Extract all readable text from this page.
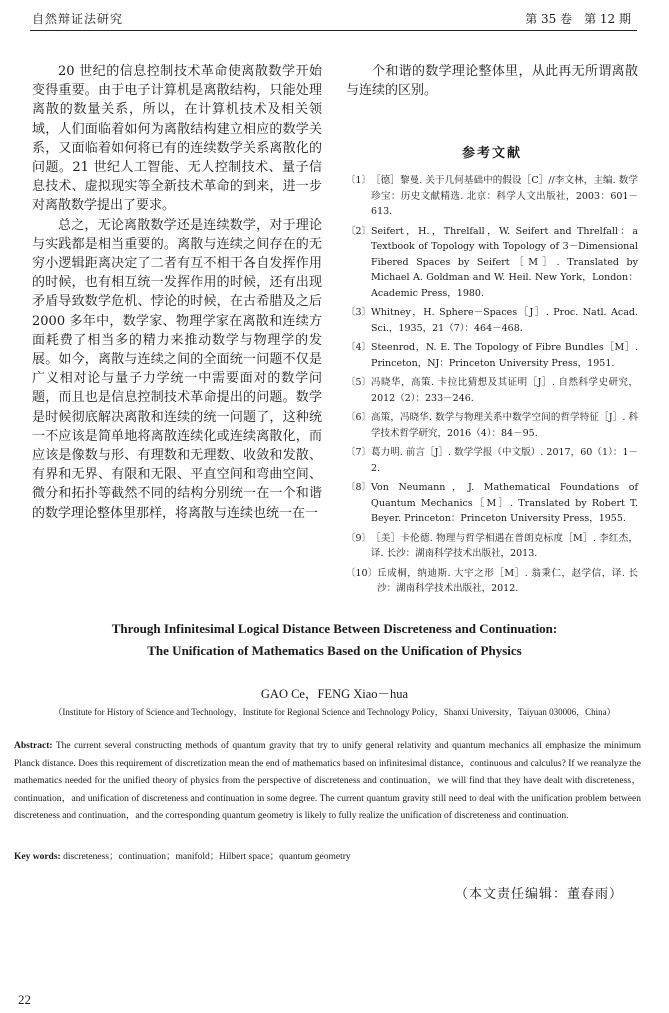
自然辩证法研究	第 35 卷　第 12 期

20 世纪的信息控制技术革命使离散数学开始变得重要。由于电子计算机是离散结构，只能处理离散的数量关系，所以，在计算机技术及相关领域，人们面临着如何为离散结构建立相应的数学关系，又面临着如何将已有的连续数学关系离散化的问题。21 世纪人工智能、无人控制技术、量子信息技术、虚拟现实等全新技术革命的到来，进一步对离散数学提出了要求。

总之，无论离散数学还是连续数学，对于理论与实践都是相当重要的。离散与连续之间存在的无穷小逻辑距离决定了二者有互不相干各自发挥作用的时候，也有相互统一发挥作用的时候，还有出现矛盾导致数学危机、悖论的时候，在古希腊及之后 2000 多年中，数学家、物理学家在离散和连续方面耗费了相当多的精力来推动数学与物理学的发展。如今，离散与连续之间的全面统一问题不仅是广义相对论与量子力学统一中需要面对的数学问题，而且也是信息控制技术革命提出的问题。数学是时候彻底解决离散和连续的统一问题了，这种统一不应该是简单地将离散连续化或连续离散化，而应该是像数与形、有理数和无理数、收敛和发散、有界和无界、有限和无限、平直空间和弯曲空间、微分和拓扑等截然不同的结构分别统一在一个和谐的数学理论整体里那样，将离散与连续也统一在一

个和谐的数学理论整体里，从此再无所谓离散与连续的区别。

参考文献
〔1〕 ［德］黎曼. 关于几何基础中的假设［C］//李文林，主编. 数学珍宝：历史文献精选. 北京：科学人文出版社，2003：601－613.
〔2〕 Seifert，H.，Threlfall，W. Seifert and Threlfall：a Textbook of Topology with Topology of 3－Dimensional Fibered Spaces by Seifert［M］. Translated by Michael A. Goldman and W. Heil. New York，London：Academic Press，1980.
〔3〕 Whitney，H. Sphere－Spaces［J］. Proc. Natl. Acad. Sci.，1935，21（7）：464－468.
〔4〕 Steenrod，N. E. The Topology of Fibre Bundles［M］. Princeton，NJ：Princeton University Press，1951.
〔5〕 冯晓华，高策. 卡拉比猜想及其证明［J］. 自然科学史研究，2012（2）：233－246.
〔6〕 高策，冯晓华. 数学与物理关系中数学空间的哲学特征［J］. 科学技术哲学研究，2016（4）：84－95.
〔7〕 葛力明. 前言［J］. 数学学报（中文版）. 2017，60（1）：1－2.
〔8〕 Von Neumann，J. Mathematical Foundations of Quantum Mechanics［M］. Translated by Robert T. Beyer. Princeton：Princeton University Press，1955.
〔9〕 ［美］卡伦德. 物理与哲学相遇在普朗克标度［M］. 李红杰，译. 长沙：湖南科学技术出版社，2013.
〔10〕 丘成桐，纳迪斯. 大宇之形［M］. 翁秉仁，赵学信，译. 长沙：湖南科学技术出版社，2012.
Through Infinitesimal Logical Distance Between Discreteness and Continuation:
The Unification of Mathematics Based on the Unification of Physics
GAO Ce，FENG Xiao－hua
（Institute for History of Science and Technology，Institute for Regional Science and Technology Policy，Shanxi University，Taiyuan 030006，China）
Abstract: The current several constructing methods of quantum gravity that try to unify general relativity and quantum mechanics all emphasize the minimum Planck distance. Does this requirement of discretization mean the end of mathematics based on infinitesimal distance，continuous and calculus? If we reanalyze the mathematics needed for the unified theory of physics from the perspective of discreteness and continuation，we will find that they have dealt with discreteness，continuation，and unification of discreteness and continuation in some degree. The current quantum gravity still need to deal with the unification problem between discreteness and continuation，and the corresponding quantum geometry is likely to fully realize the unification of discreteness and continuation.
Key words: discreteness；continuation；manifold；Hilbert space；quantum geometry
（本文责任编辑：董春雨）
22
